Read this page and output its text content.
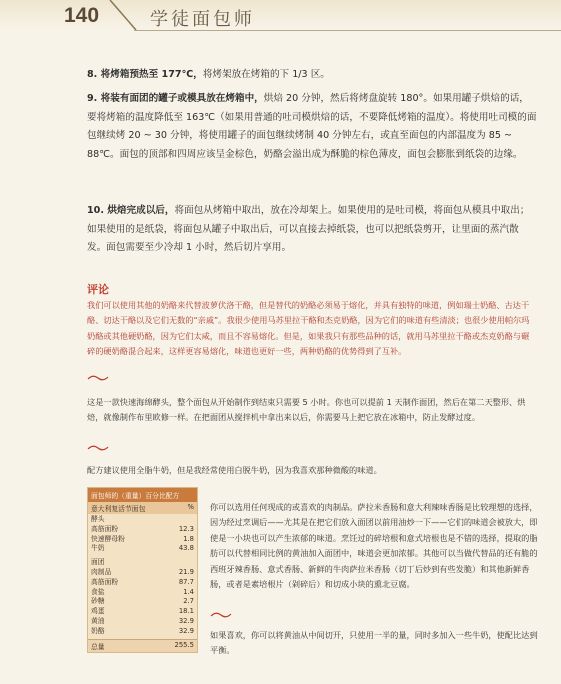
140	学徒面包师
8. 将烤箱预热至 177℃，将烤架放在烤箱的下 1/3 区。
9. 将装有面团的罐子或模具放在烤箱中，烘焙 20 分钟，然后将烤盘旋转 180°。如果用罐子烘焙的话，要将烤箱的温度降低至 163℃（如果用普通的吐司模烘焙的话，不要降低烤箱的温度）。将使用吐司模的面包继续烤 20 ~ 30 分钟，将使用罐子的面包继续烤制 40 分钟左右，或直至面包的内部温度为 85 ~ 88℃。面包的顶部和四周应该呈金棕色，奶酪会溢出成为酥脆的棕色薄皮，面包会膨胀到纸袋的边缘。
10. 烘焙完成以后，将面包从烤箱中取出，放在冷却架上。如果使用的是吐司模，将面包从模具中取出；如果使用的是纸袋，将面包从罐子中取出后，可以直接去掉纸袋，也可以把纸袋剪开，让里面的蒸汽散发。面包需要至少冷却 1 小时，然后切片享用。
评论
我们可以使用其他的奶酪来代替波萝伏洛干酪，但是替代的奶酪必须易于熔化，并具有独特的味道，例如瑞士奶酪、古达干酪、切达干酪以及它们无数的“亲戚”。我很少使用马苏里拉干酪和杰克奶酪，因为它们的味道有些清淡；也很少使用帕尔玛奶酪或其他硬奶酪，因为它们太咸，而且不容易熔化。但是，如果我只有那些品种的话，就用马苏里拉干酪或杰克奶酪与碾碎的硬奶酪混合起来，这样更容易熔化，味道也更好一些，两种奶酪的优势得到了互补。
这是一款快速海绵酵头，整个面包从开始制作到结束只需要 5 小时。你也可以提前 1 天制作面团，然后在第二天整形、烘焙，就像制作布里欧修一样。在把面团从搅拌机中拿出来以后，你需要马上把它放在冰箱中，防止发酵过度。
配方建议使用全脂牛奶，但是我经常使用白脱牛奶，因为我喜欢那种微酸的味道。
面包师的（重量）百分比配方
意大利复活节面包	%
酵头
高筋面粉	12.3
快速酵母粉	1.8
牛奶	43.8
面团
肉制品	21.9
高筋面粉	87.7
食盐	1.4
砂糖	2.7
鸡蛋	18.1
黄油	32.9
奶酪	32.9
总量	255.5
你可以选用任何现成的或喜欢的肉制品。萨拉米香肠和意大利辣味香肠是比较理想的选择，因为经过烹调后——尤其是在把它们放入面团以前用油炒一下——它们的味道会被放大，即使是一小块也可以产生浓郁的味道。烹饪过的碎培根和意式培根也是不错的选择，提取的脂肪可以代替相同比例的黄油加入面团中，味道会更加浓郁。其他可以当做代替品的还有脆的西班牙辣香肠、意式香肠、新鲜的牛肉萨拉米香肠（切丁后炒到有些发脆）和其他新鲜香肠，或者是素培根片（剁碎后）和切成小块的熏北豆腐。
如果喜欢，你可以将黄油从中间切开，只使用一半的量，同时多加入一些牛奶，使配比达到平衡。
